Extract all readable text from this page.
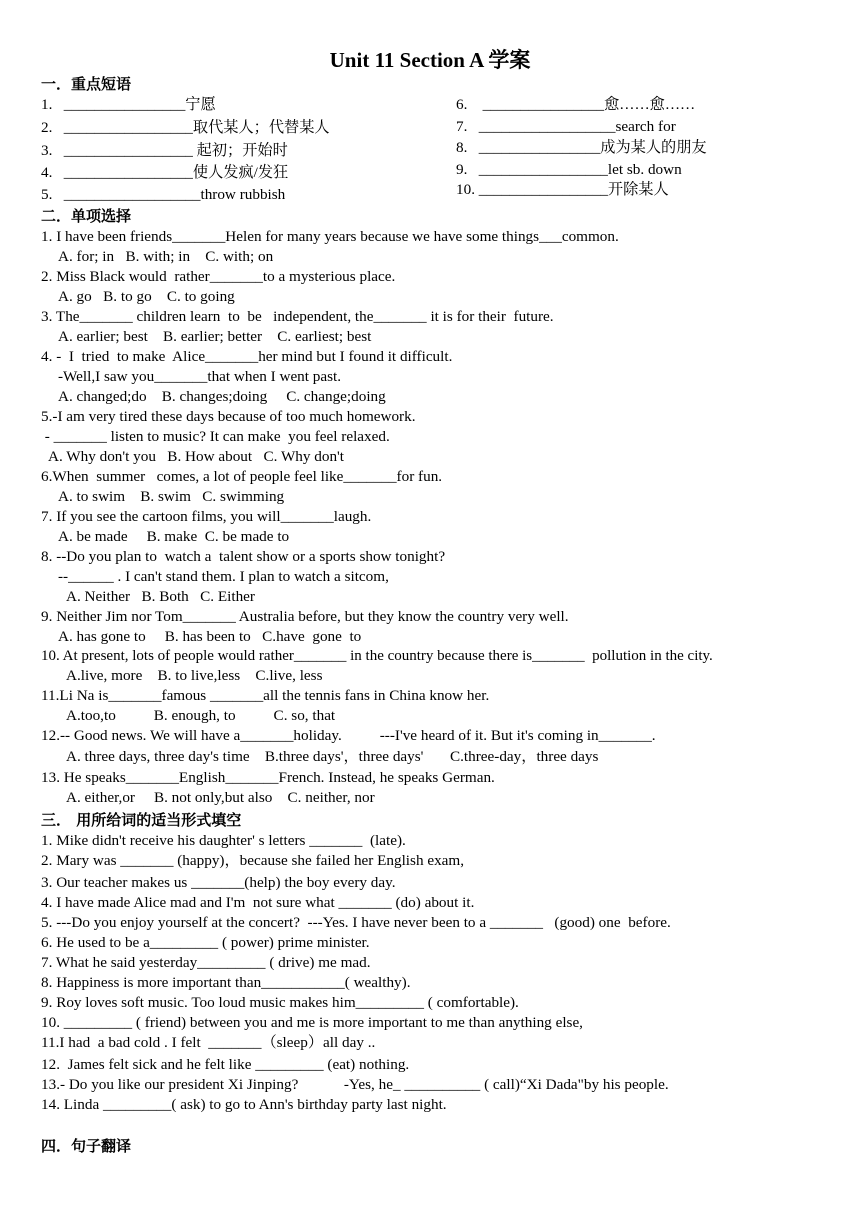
Unit 11 Section A 学案
一．重点短语
1.   ________________宁愿
2.   _________________取代某人；代替某人
3.   _________________ 起初；开始时
4.   _________________使人发疯/发狂
5.   __________________throw rubbish
6.    ________________愈……愈……
7.   __________________search for
8.   ________________成为某人的朋友
9.   _________________let sb. down
10. _________________开除某人
二．单项选择
1. I have been friends_______Helen for many years because we have some things___common.
A. for; in   B. with; in    C. with; on
2. Miss Black would  rather_______to a mysterious place.
A. go   B. to go    C. to going
3. The_______ children learn  to  be   independent, the_______ it is for their  future.
A. earlier; best    B. earlier; better    C. earliest; best
4. -  I  tried  to make  Alice_______her mind but I found it difficult.
-Well,I saw you_______that when I went past.
A. changed;do    B. changes;doing     C. change;doing
5.-I am very tired these days because of too much homework.
- _______ listen to music? It can make  you feel relaxed.
A. Why don't you   B. How about   C. Why don't
6.When  summer   comes, a lot of people feel like_______for fun.
A. to swim    B. swim   C. swimming
7. If you see the cartoon films, you will_______laugh.
A. be made     B. make  C. be made to
8. --Do you plan to  watch a  talent show or a sports show tonight?
--______ . I can't stand them. I plan to watch a sitcom,
A. Neither   B. Both   C. Either
9. Neither Jim nor Tom_______ Australia before, but they know the country very well.
A. has gone to     B. has been to   C.have  gone  to
10. At present, lots of people would rather_______ in the country because there is_______  pollution in the city.
A.live, more    B. to live,less    C.live, less
11.Li Na is_______famous _______all the tennis fans in China know her.
A.too,to          B. enough, to          C. so, that
12.-- Good news. We will have a_______holiday.          ---I've heard of it. But it's coming in_______.
A. three days, three day's time    B.three days'，three days'       C.three-day，three days
13. He speaks_______English_______French. Instead, he speaks German.
A. either,or     B. not only,but also    C. neither, nor
三． 用所给词的适当形式填空
1. Mike didn't receive his daughter' s letters _______  (late).
2. Mary was _______ (happy)，because she failed her English exam,
3. Our teacher makes us _______(help) the boy every day.
4. I have made Alice mad and I'm  not sure what _______ (do) about it.
5. ---Do you enjoy yourself at the concert?  ---Yes. I have never been to a _______   (good) one  before.
6. He used to be a_________ ( power) prime minister.
7. What he said yesterday_________ ( drive) me mad.
8. Happiness is more important than___________( wealthy).
9. Roy loves soft music. Too loud music makes him_________ ( comfortable).
10. _________ ( friend) between you and me is more important to me than anything else,
11.I had  a bad cold . I felt  _______（sleep）all day ..
12.  James felt sick and he felt like _________ (eat) nothing.
13.- Do you like our president Xi Jinping?            -Yes, he_ __________ ( call)“Xi Dada"by his people.
14. Linda _________( ask) to go to Ann's birthday party last night.
四．句子翻译
